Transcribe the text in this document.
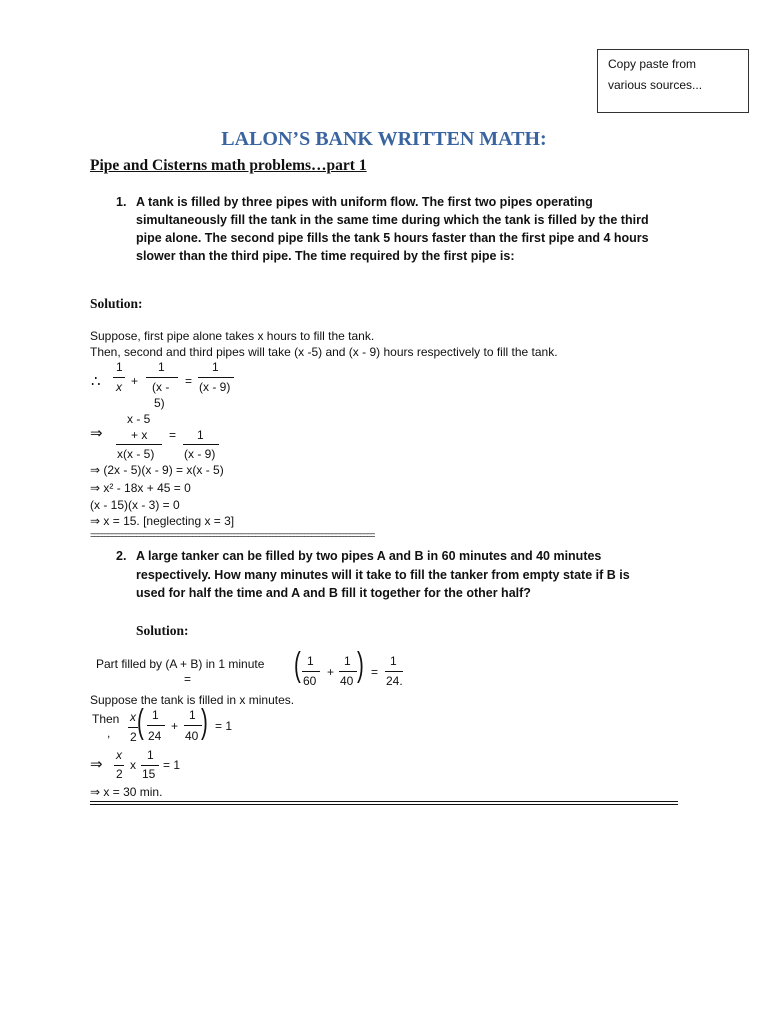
Copy paste from
various sources...
LALON’S BANK WRITTEN MATH:
Pipe and Cisterns math problems…part 1
1. A tank is filled by three pipes with uniform flow. The first two pipes operating
simultaneously fill the tank in the same time during which the tank is filled by the third
pipe alone. The second pipe fills the tank 5 hours faster than the first pipe and 4 hours
slower than the third pipe. The time required by the first pipe is:
Solution:
Suppose, first pipe alone takes x hours to fill the tank.
Then, second and third pipes will take (x -5) and (x - 9) hours respectively to fill the tank.
∴
1
x +
1
(x -
5)
=
1
(x - 9)
⇒
x - 5
+ x
x(x - 5)
= 1
(x - 9)
⇒ (2x - 5)(x - 9) = x(x - 5)
⇒ x² - 18x + 45 = 0
(x - 15)(x - 3) = 0
⇒ x = 15. [neglecting x = 3]
=================================================================================
2. A large tanker can be filled by two pipes A and B in 60 minutes and 40 minutes
respectively. How many minutes will it take to fill the tanker from empty state if B is
used for half the time and A and B fill it together for the other half?
Solution:
Part filled by (A + B) in 1 minute
=	( 1
60
+
1
40 ) =
1
24.
Suppose the tank is filled in x minutes.
Then
,
x
2 ( 1
24
+
1
40 ) = 1
⇒
x
2
x
1
15
= 1
⇒ x = 30 min.
